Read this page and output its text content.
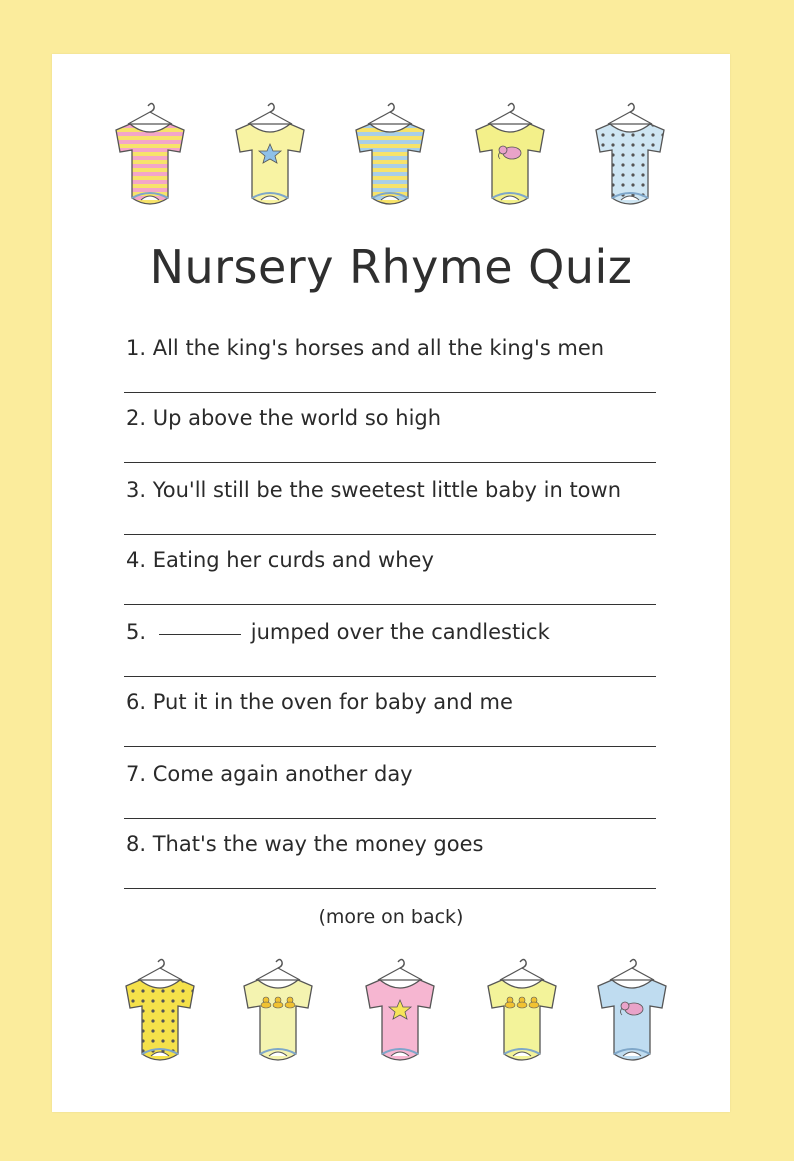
Nursery Rhyme Quiz
1. All the king's horses and all the king's men
2. Up above the world so high
3. You'll still be the sweetest little baby in town
4. Eating her curds and whey
5.	jumped over the candlestick
6. Put it in the oven for baby and me
7. Come again another day
8. That's the way the money goes
(more on back)
